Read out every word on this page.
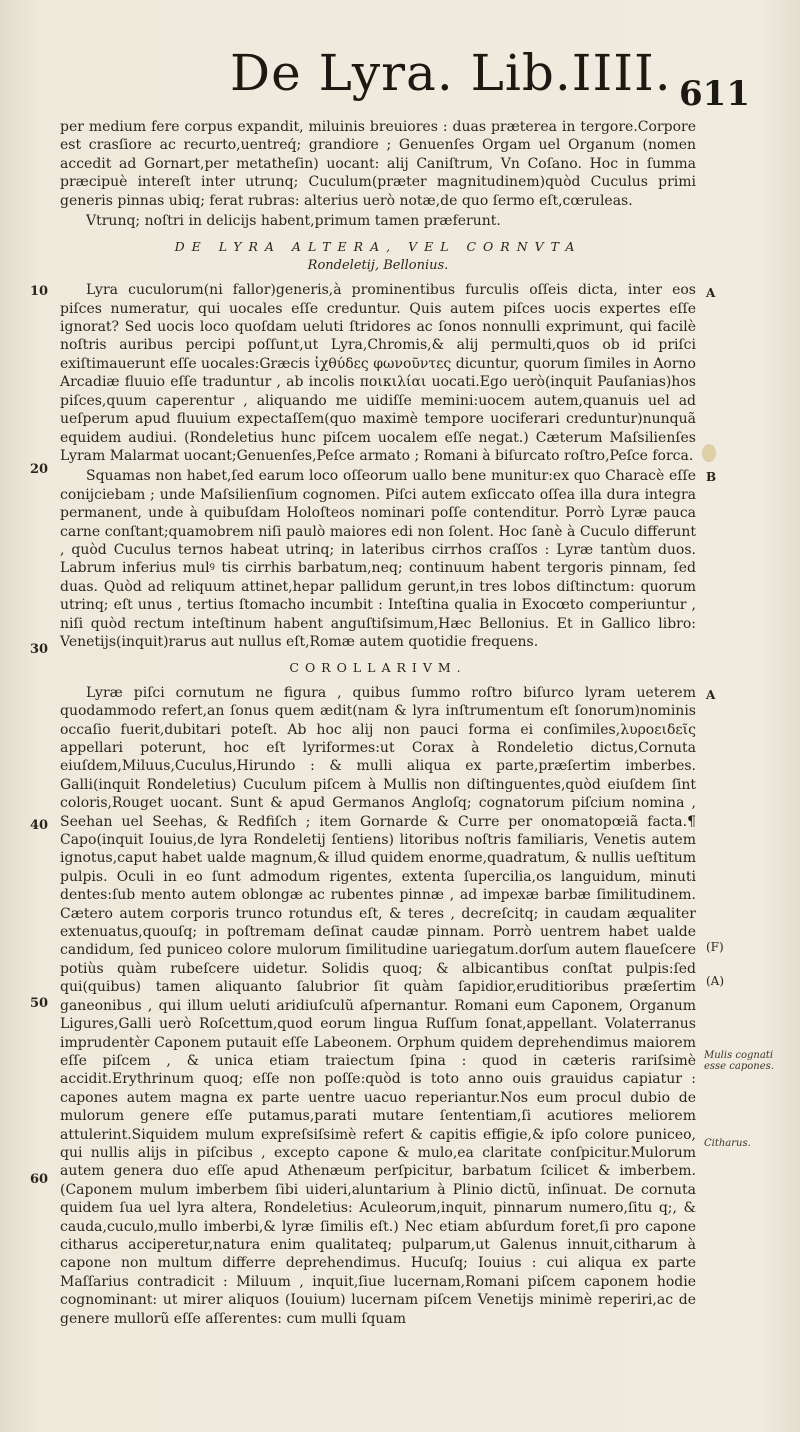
De Lyra. Lib.IIII. 611
10
20
30
40
50
60
A
B
A
(F)
(A)
Mulis cognati esse capones.
Citharus.

per medium fere corpus expandit, miluinis breuiores : duas præterea in tergore.Corpore est crasſiore ac recurto,uentreq́; grandiore ; Genuenſes Orgam uel Organum (nomen accedit ad Gornart,per metatheſin) uocant: alij Caniſtrum, Vn Coſano. Hoc in ſumma præcipuè intereſt inter utrunq; Cuculum(præter magnitudinem)quòd Cuculus primi generis pinnas ubiq; ferat rubras: alterius uerò notæ,de quo ſermo eſt,cœruleas.

Vtrunq; noſtri in delicijs habent,primum tamen præferunt.

DE LYRA ALTERA, VEL CORNVTA
Rondeletij, Bellonius.

Lyra cuculorum(ni fallor)generis,à prominentibus furculis oſſeis dicta, inter eos piſces numeratur, qui uocales eſſe creduntur. Quis autem piſces uocis expertes eſſe ignorat? Sed uocis loco quoſdam ueluti ſtridores ac ſonos nonnulli exprimunt, qui facilè noſtris auribus percipi poſſunt,ut Lyra,Chromis,& alij permulti,quos ob id priſci exiſtimauerunt eſſe uocales:Græcis ἰχθύδες φωνοῦντες dicuntur, quorum ſimiles in Aorno Arcadiæ fluuio eſſe traduntur , ab incolis ποικιλίαι uocati.Ego uerò(inquit Pauſanias)hos piſces,quum caperentur , aliquando me uidiſſe memini:uocem autem,quanuis uel ad ueſperum apud fluuium expectaſſem(quo maximè tempore uociferari creduntur)nunquã equidem audiui. (Rondeletius hunc piſcem uocalem eſſe negat.) Cæterum Maſsilienſes Lyram Malarmat uocant;Genuenſes,Peſce armato ; Romani à biſurcato roſtro,Peſce forca.

Squamas non habet,ſed earum loco oſſeorum uallo bene munitur:ex quo Characè eſſe conijciebam ; unde Maſsilienſium cognomen. Piſci autem exſiccato oſſea illa dura integra permanent, unde à quibuſdam Holoſteos nominari poſſe contenditur. Porrò Lyræ pauca carne conſtant;quamobrem niſi paulò maiores edi non ſolent. Hoc ſanè à Cuculo differunt , quòd Cuculus ternos habeat utrinq; in lateribus cirrhos craſſos : Lyræ tantùm duos. Labrum inferius mulꝰ tis cirrhis barbatum,neq; continuum habent tergoris pinnam, ſed duas. Quòd ad reliquum attinet,hepar pallidum gerunt,in tres lobos diſtinctum: quorum utrinq; eſt unus , tertius ſtomacho incumbit : Inteſtina qualia in Exocœto comperiuntur , niſi quòd rectum inteſtinum habent anguſtiſsimum,Hæc Bellonius. Et in Gallico libro: Venetijs(inquit)rarus aut nullus eſt,Romæ autem quotidie frequens.

COROLLARIVM.

Lyræ piſci cornutum ne figura , quibus ſummo roſtro biſurco lyram ueterem quodammodo refert,an ſonus quem ædit(nam & lyra inſtrumentum eſt ſonorum)nominis occaſio fuerit,dubitari poteſt. Ab hoc alij non pauci forma ei conſimiles,λυροειδεῖς appellari poterunt, hoc eſt lyriformes:ut Corax à Rondeletio dictus,Cornuta eiuſdem,Miluus,Cuculus,Hirundo : & mulli aliqua ex parte,præſertim imberbes. Galli(inquit Rondeletius) Cuculum piſcem à Mullis non diſtinguentes,quòd eiuſdem ſint coloris,Rouget uocant. Sunt & apud Germanos Angloſq; cognatorum piſcium nomina , Seehan uel Seehas, & Redfiſch ; item Gornarde & Curre per onomatopœiã facta.¶ Capo(inquit Iouius,de lyra Rondeletij ſentiens) litoribus noſtris familiaris, Venetis autem ignotus,caput habet ualde magnum,& illud quidem enorme,quadratum, & nullis ueſtitum pulpis. Oculi in eo ſunt admodum rigentes, extenta ſupercilia,os languidum, minuti dentes:ſub mento autem oblongæ ac rubentes pinnæ , ad impexæ barbæ ſimilitudinem. Cætero autem corporis trunco rotundus eſt, & teres , decreſcitq; in caudam æqualiter extenuatus,quouſq; in poſtremam deſinat caudæ pinnam. Porrò uentrem habet ualde candidum, ſed puniceo colore mulorum ſimilitudine uariegatum.dorſum autem flaueſcere potiùs quàm rubeſcere uidetur. Solidis quoq; & albicantibus conſtat pulpis:ſed qui(quibus) tamen aliquanto ſalubrior ſit quàm ſapidior,eruditioribus præſertim ganeonibus , qui illum ueluti aridiuſculũ aſpernantur. Romani eum Caponem, Organum Ligures,Galli uerò Roſcettum,quod eorum lingua Ruſſum ſonat,appellant. Volaterranus imprudentèr Caponem putauit eſſe Labeonem. Orphum quidem deprehendimus maiorem eſſe piſcem , & unica etiam traiectum ſpina : quod in cæteris rariſsimè accidit.Erythrinum quoq; eſſe non poſſe:quòd is toto anno ouis grauidus capiatur : capones autem magna ex parte uentre uacuo reperiantur.Nos eum procul dubio de mulorum genere eſſe putamus,parati mutare ſententiam,ſi acutiores meliorem attulerint.Siquidem mulum expreſsiſsimè refert & capitis effigie,& ipſo colore puniceo, qui nullis alijs in piſcibus , excepto capone & mulo,ea claritate conſpicitur.Mulorum autem genera duo eſſe apud Athenæum perſpicitur, barbatum ſcilicet & imberbem. (Caponem mulum imberbem ſibi uideri,aluntarium à Plinio dictũ, inſinuat. De cornuta quidem ſua uel lyra altera, Rondeletius: Aculeorum,inquit, pinnarum numero,ſitu q;, & cauda,cuculo,mullo imberbi,& lyræ ſimilis eſt.) Nec etiam abſurdum foret,ſi pro capone citharus acciperetur,natura enim qualitateq; pulparum,ut Galenus innuit,citharum à capone non multum differre deprehendimus. Hucuſq; Iouius : cui aliqua ex parte Maſſarius contradicit : Miluum , inquit,ſiue lucernam,Romani piſcem caponem hodie cognominant: ut mirer aliquos (Iouium) lucernam piſcem Venetijs minimè reperiri,ac de genere mullorũ eſſe aſſerentes: cum mulli ſquam
